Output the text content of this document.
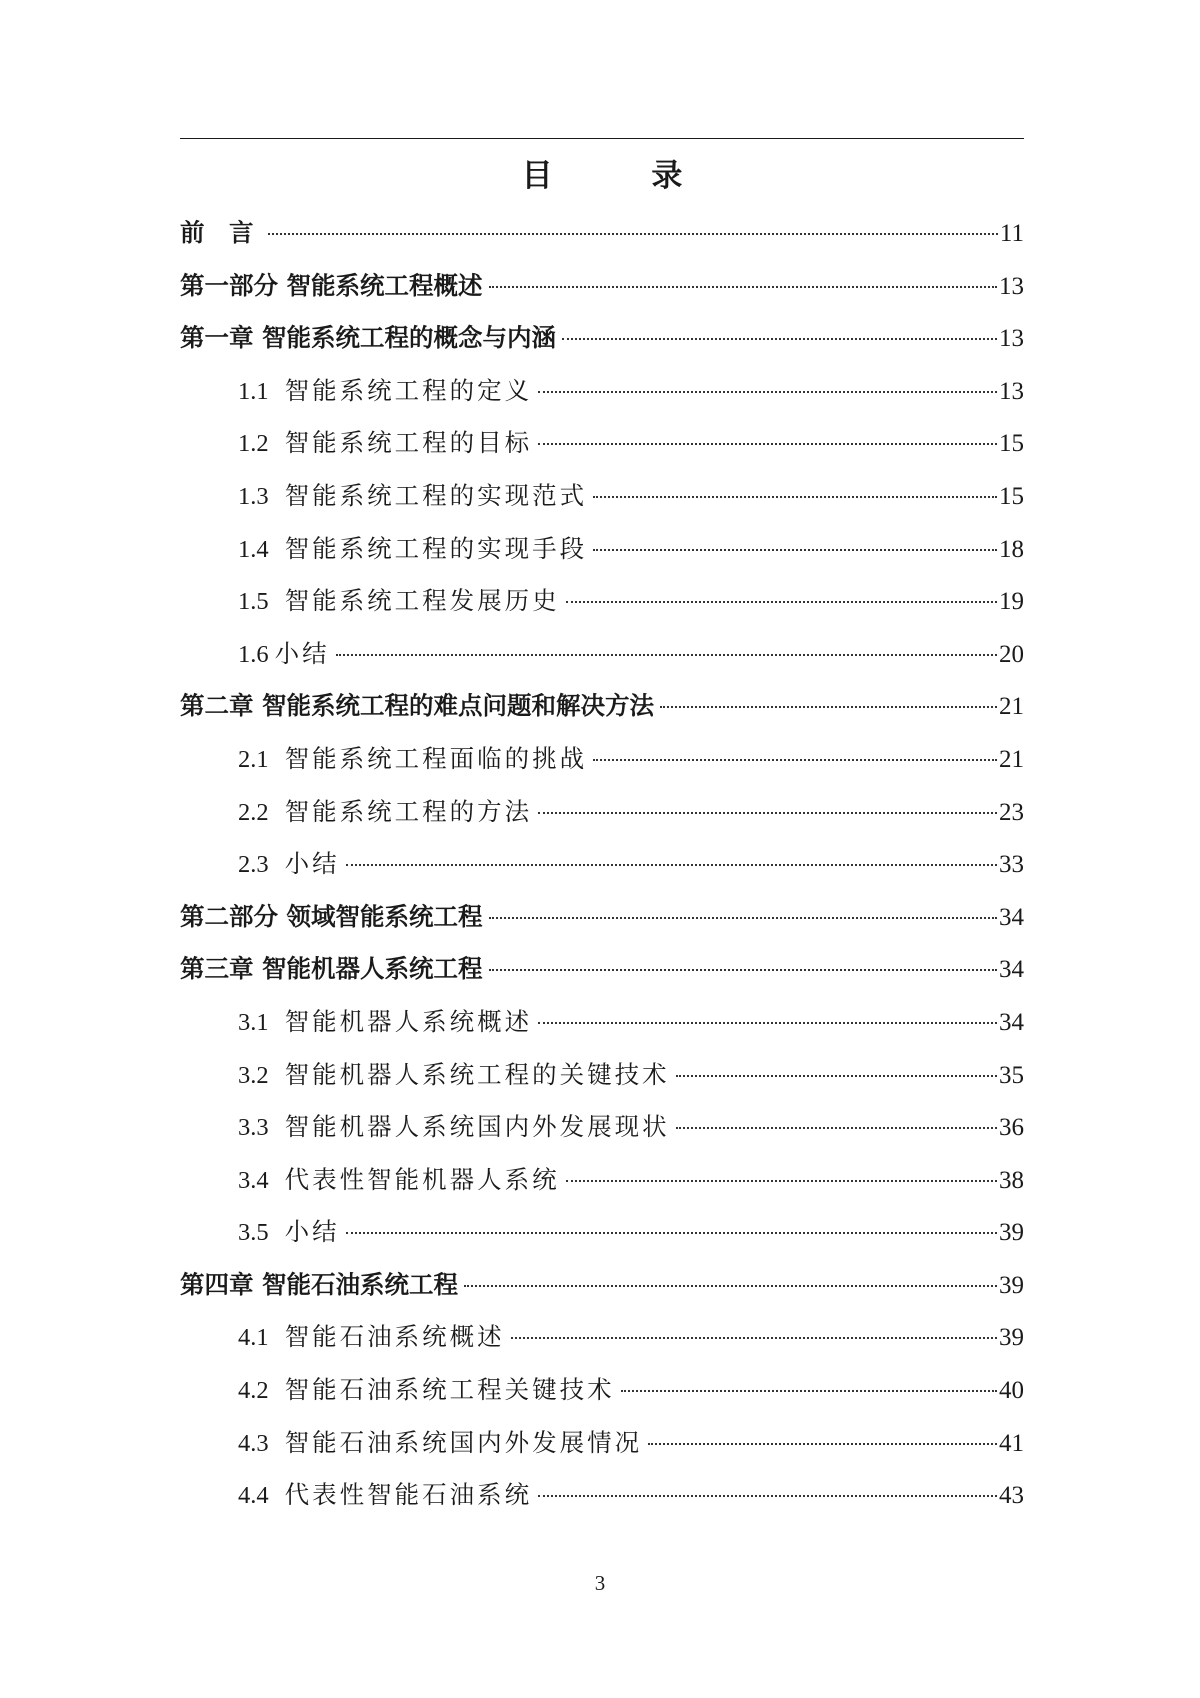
目 录
前 言	11
第一部分 智能系统工程概述	13
第一章 智能系统工程的概念与内涵	13
1.1 智能系统工程的定义	13
1.2 智能系统工程的目标	15
1.3 智能系统工程的实现范式	15
1.4 智能系统工程的实现手段	18
1.5 智能系统工程发展历史	19
1.6 小结	20
第二章 智能系统工程的难点问题和解决方法	21
2.1 智能系统工程面临的挑战	21
2.2 智能系统工程的方法	23
2.3 小结	33
第二部分 领域智能系统工程	34
第三章 智能机器人系统工程	34
3.1 智能机器人系统概述	34
3.2 智能机器人系统工程的关键技术	35
3.3 智能机器人系统国内外发展现状	36
3.4 代表性智能机器人系统	38
3.5 小结	39
第四章 智能石油系统工程	39
4.1 智能石油系统概述	39
4.2 智能石油系统工程关键技术	40
4.3 智能石油系统国内外发展情况	41
4.4 代表性智能石油系统	43
3
